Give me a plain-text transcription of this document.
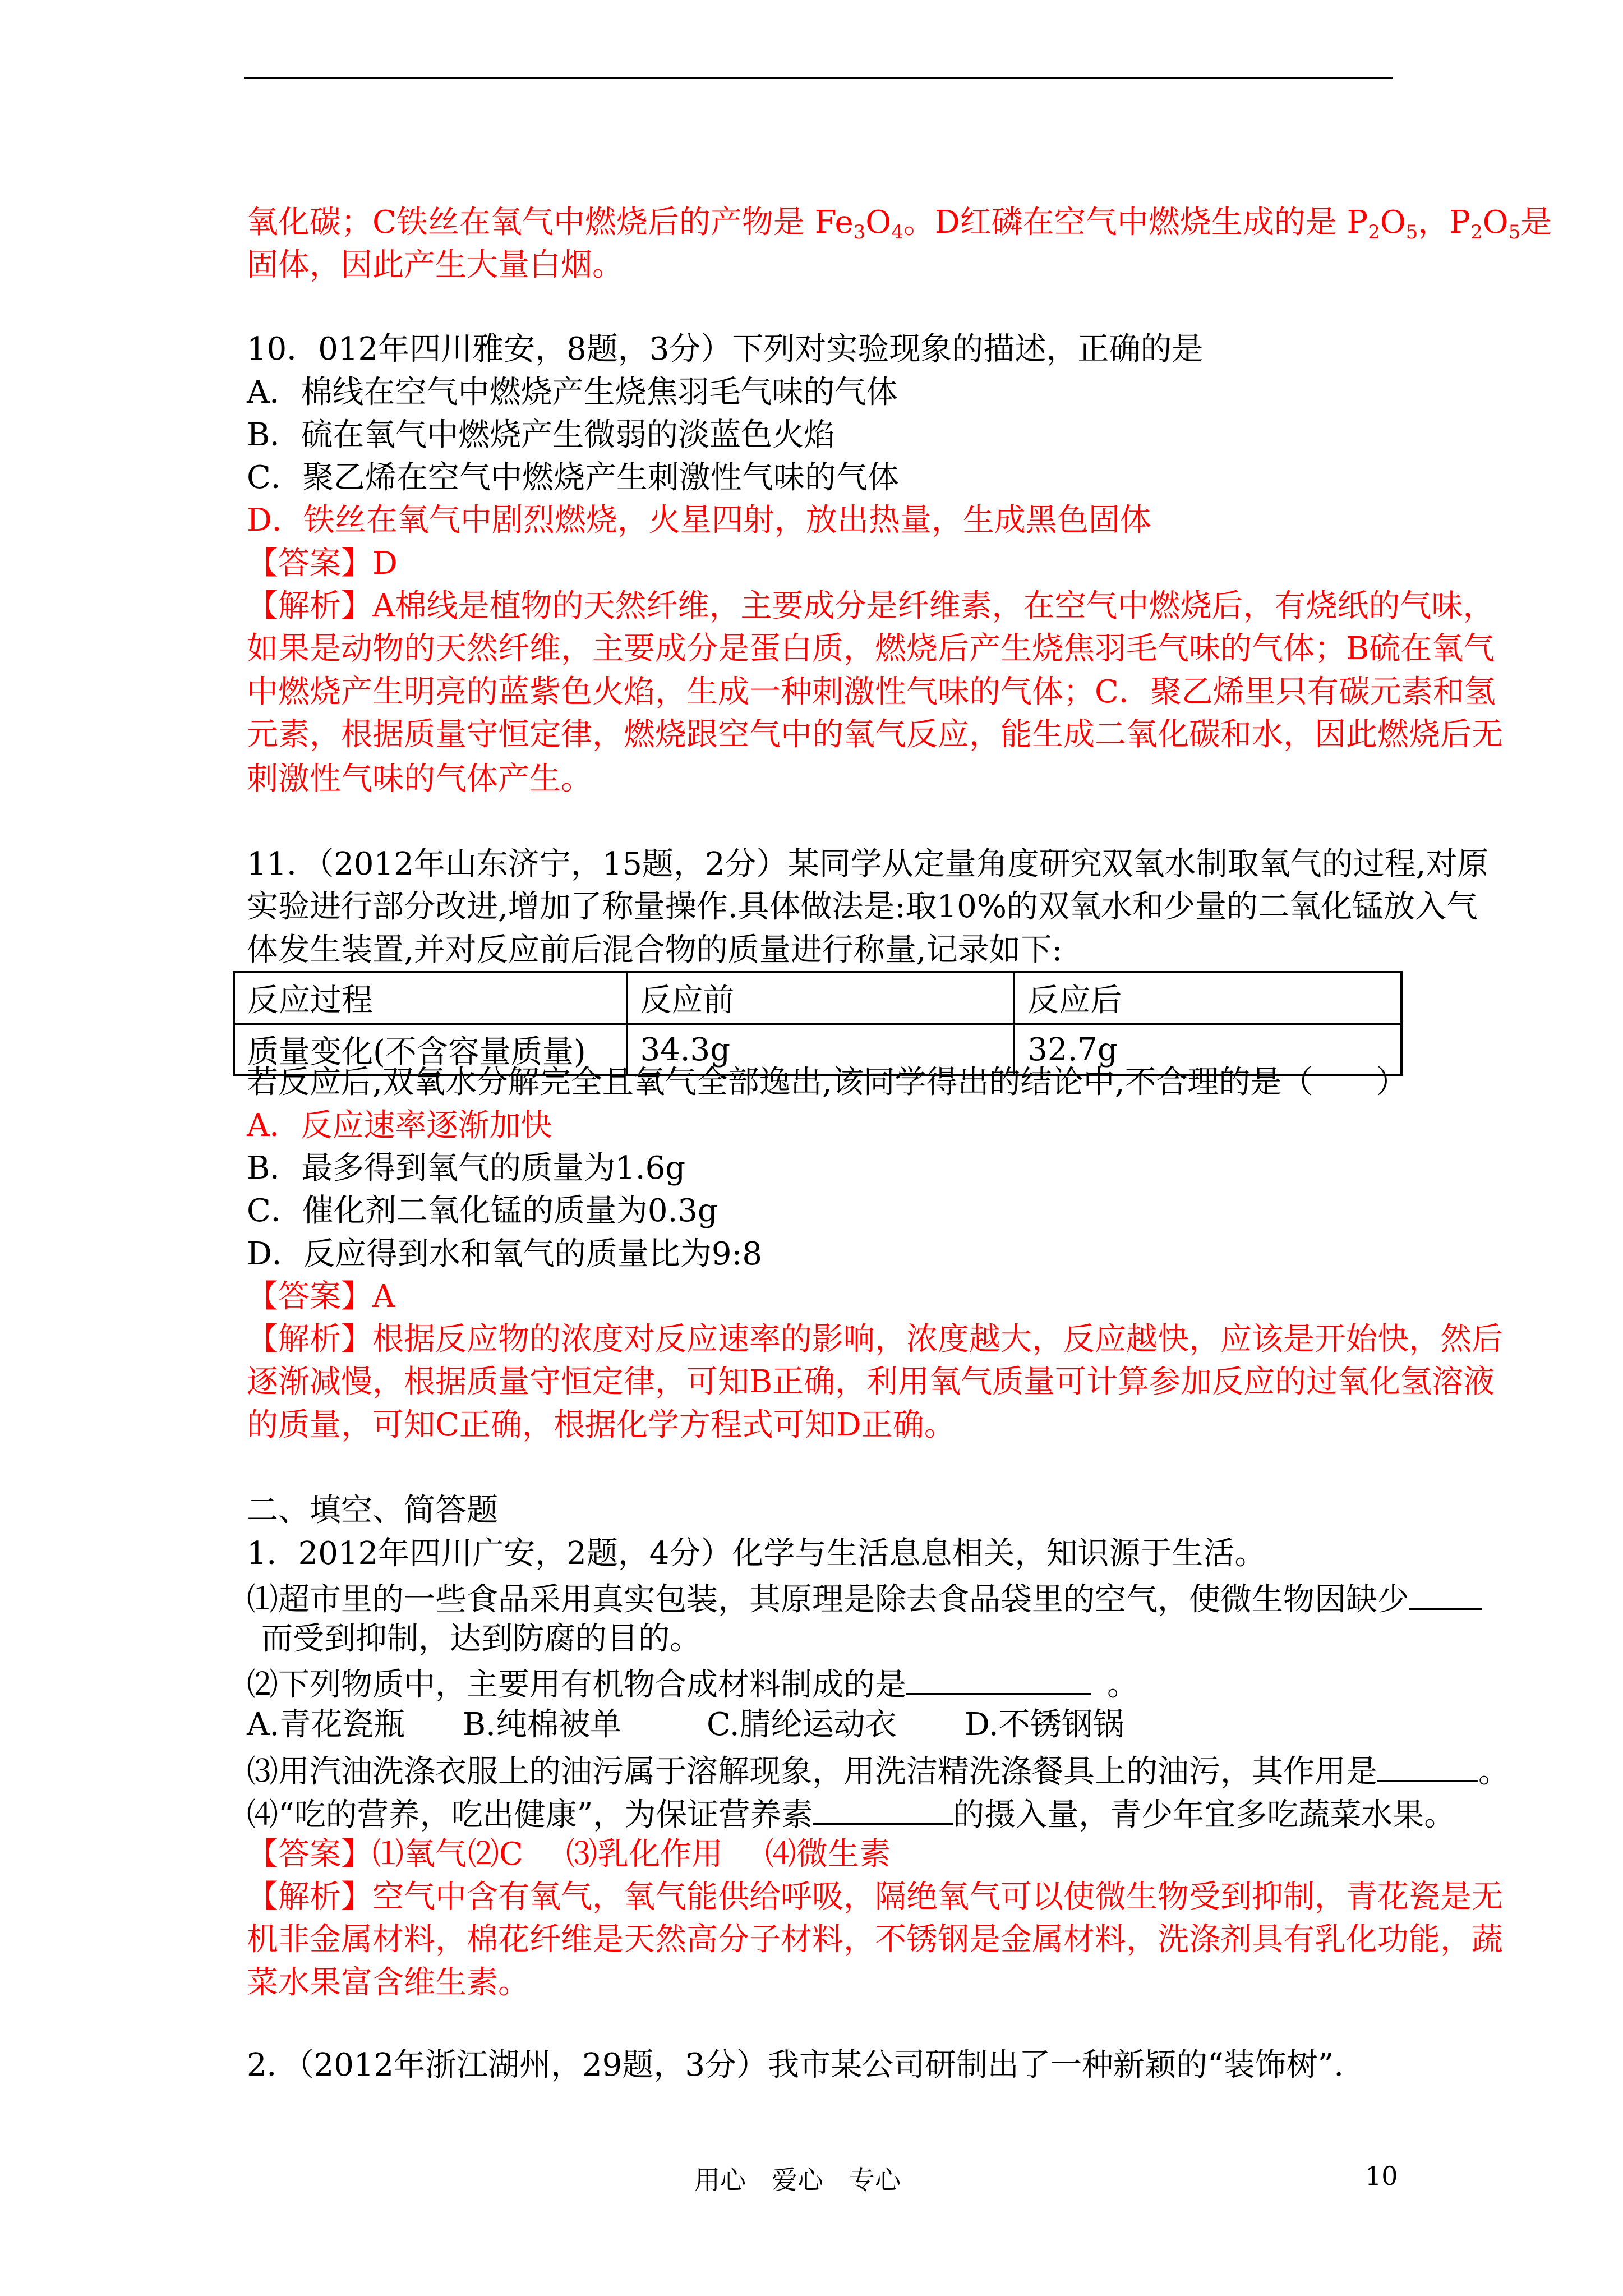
氧化碳；C铁丝在氧气中燃烧后的产物是 $Fe_3O_4$。D红磷在空气中燃烧生成的是 $P_2O_5$，$P_2O_5$是
固体，因此产生大量白烟。
10．012年四川雅安，8题，3分）下列对实验现象的描述，正确的是
A．棉线在空气中燃烧产生烧焦羽毛气味的气体
B．硫在氧气中燃烧产生微弱的淡蓝色火焰
C．聚乙烯在空气中燃烧产生刺激性气味的气体
D．铁丝在氧气中剧烈燃烧，火星四射，放出热量，生成黑色固体
【答案】D
【解析】A棉线是植物的天然纤维，主要成分是纤维素，在空气中燃烧后，有烧纸的气味，
如果是动物的天然纤维，主要成分是蛋白质，燃烧后产生烧焦羽毛气味的气体；B硫在氧气
中燃烧产生明亮的蓝紫色火焰，生成一种刺激性气味的气体；C．聚乙烯里只有碳元素和氢
元素，根据质量守恒定律，燃烧跟空气中的氧气反应，能生成二氧化碳和水，因此燃烧后无
刺激性气味的气体产生。
11．（2012年山东济宁，15题，2分）某同学从定量角度研究双氧水制取氧气的过程,对原
实验进行部分改进,增加了称量操作.具体做法是:取10%的双氧水和少量的二氧化锰放入气
体发生装置,并对反应前后混合物的质量进行称量,记录如下:
反应过程	反应前	反应后
质量变化(不含容量质量)	34.3g	32.7g
若反应后,双氧水分解完全且氧气全部逸出,该同学得出的结论中,不合理的是（　　）
A．反应速率逐渐加快
B．最多得到氧气的质量为1.6g
C．催化剂二氧化锰的质量为0.3g
D．反应得到水和氧气的质量比为9:8
【答案】A
【解析】根据反应物的浓度对反应速率的影响，浓度越大，反应越快，应该是开始快，然后
逐渐减慢，根据质量守恒定律，可知B正确，利用氧气质量可计算参加反应的过氧化氢溶液
的质量，可知C正确，根据化学方程式可知D正确。
二、填空、简答题
1．2012年四川广安，2题，4分）化学与生活息息相关，知识源于生活。
⑴超市里的一些食品采用真实包装，其原理是除去食品袋里的空气，使微生物因缺少
而受到抑制，达到防腐的目的。
⑵下列物质中，主要用有机物合成材料制成的是	。
A.青花瓷瓶 B.纯棉被单	C.腈纶运动衣 D.不锈钢锅
⑶用汽油洗涤衣服上的油污属于溶解现象，用洗洁精洗涤餐具上的油污，其作用是	。
⑷“吃的营养，吃出健康”，为保证营养素	的摄入量，青少年宜多吃蔬菜水果。
【答案】⑴氧气⑵C ⑶乳化作用 ⑷微生素
【解析】空气中含有氧气，氧气能供给呼吸，隔绝氧气可以使微生物受到抑制，青花瓷是无
机非金属材料，棉花纤维是天然高分子材料，不锈钢是金属材料，洗涤剂具有乳化功能，蔬
菜水果富含维生素。
2．（2012年浙江湖州，29题，3分）我市某公司研制出了一种新颖的“装饰树”.
用心　爱心　专心	10
